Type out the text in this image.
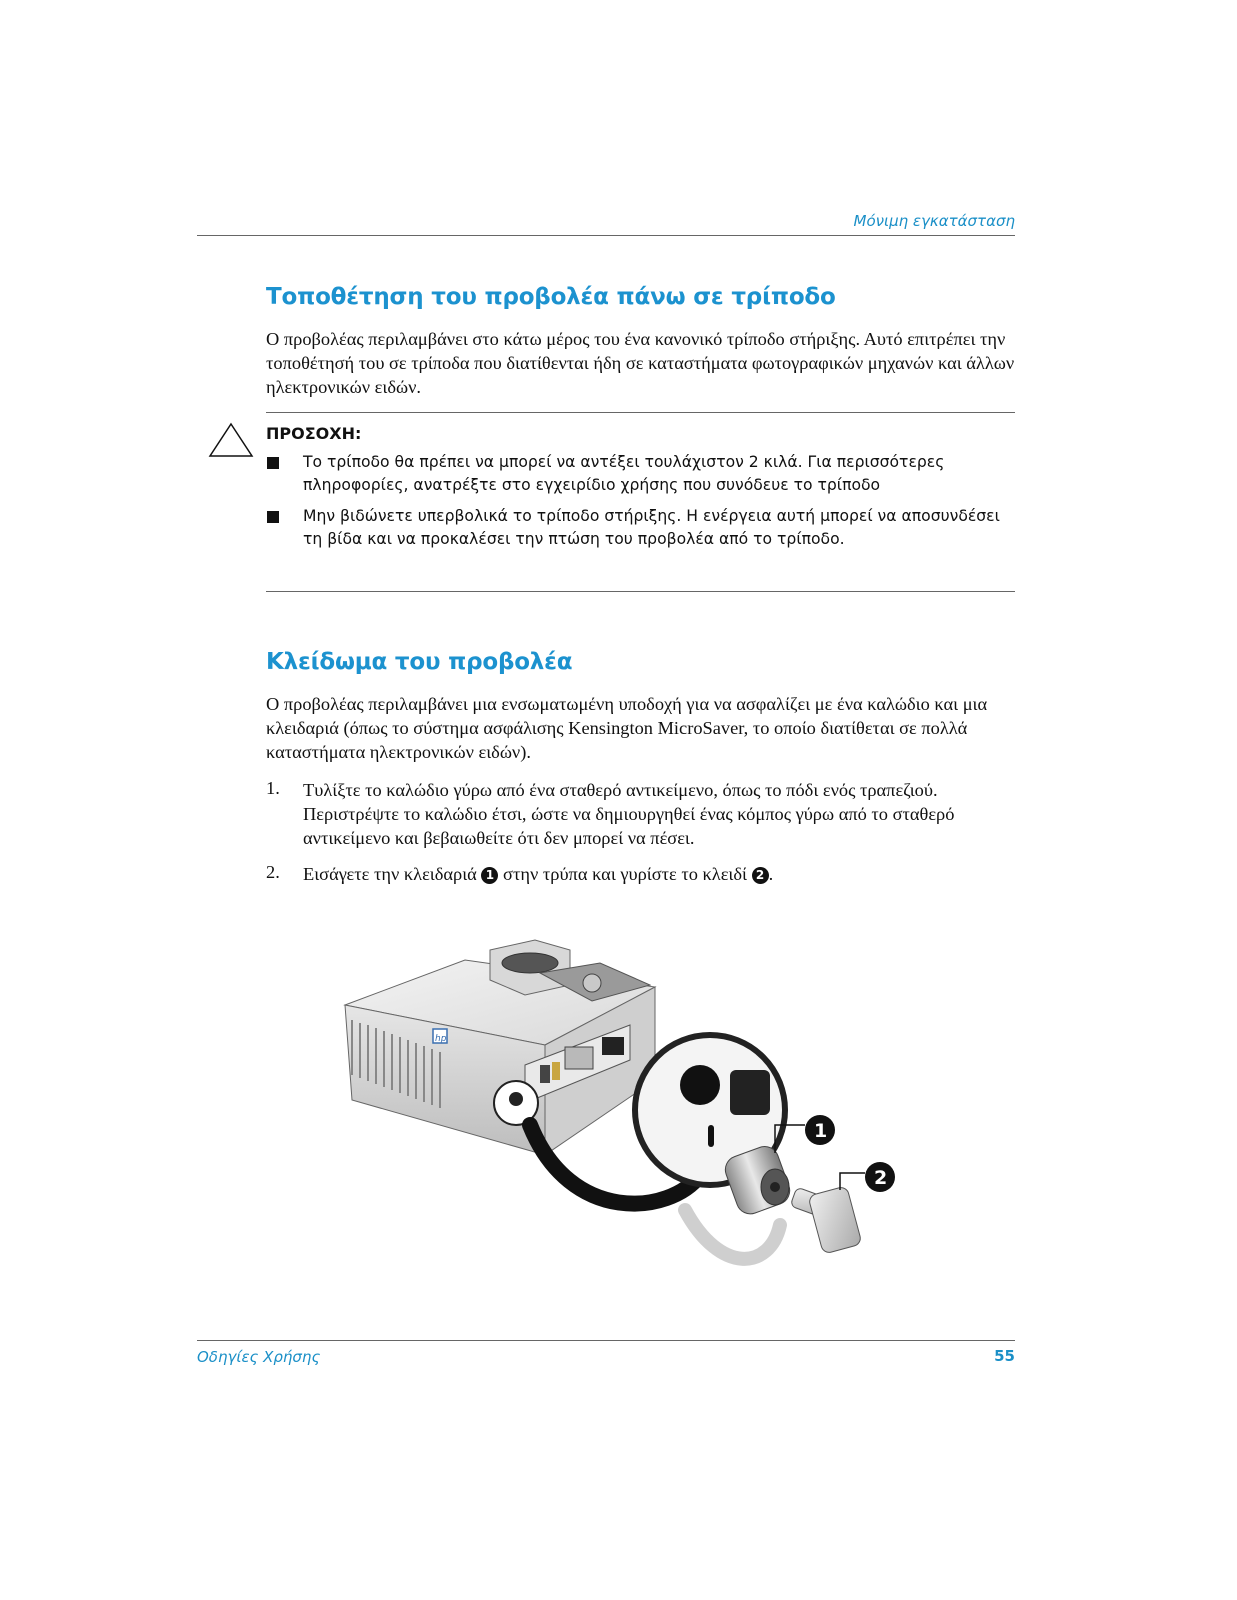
Μόνιμη εγκατάσταση
Τοποθέτηση του προβολέα πάνω σε τρίποδο

Ο προβολέας περιλαμβάνει στο κάτω μέρος του ένα κανονικό τρίποδο στήριξης. Αυτό επιτρέπει την τοποθέτησή του σε τρίποδα που διατίθενται ήδη σε καταστήματα φωτογραφικών μηχανών και άλλων ηλεκτρονικών ειδών.

ΠΡΟΣΟΧΗ:
Το τρίποδο θα πρέπει να μπορεί να αντέξει τουλάχιστον 2 κιλά. Για περισσότερες πληροφορίες, ανατρέξτε στο εγχειρίδιο χρήσης που συνόδευε το τρίποδο
Μην βιδώνετε υπερβολικά το τρίποδο στήριξης. Η ενέργεια αυτή μπορεί να αποσυνδέσει τη βίδα και να προκαλέσει την πτώση του προβολέα από το τρίποδο.
Κλείδωμα του προβολέα

Ο προβολέας περιλαμβάνει μια ενσωματωμένη υποδοχή για να ασφαλίζει με ένα καλώδιο και μια κλειδαριά (όπως το σύστημα ασφάλισης Kensington MicroSaver, το οποίο διατίθεται σε πολλά καταστήματα ηλεκτρονικών ειδών).

1. Τυλίξτε το καλώδιο γύρω από ένα σταθερό αντικείμενο, όπως το πόδι ενός τραπεζιού. Περιστρέψτε το καλώδιο έτσι, ώστε να δημιουργηθεί ένας κόμπος γύρω από το σταθερό αντικείμενο και βεβαιωθείτε ότι δεν μπορεί να πέσει.

2. Εισάγετε την κλειδαριά 1 στην τρύπα και γυρίστε το κλειδί 2 .

hp
1
2
Οδηγίες Χρήσης	55
